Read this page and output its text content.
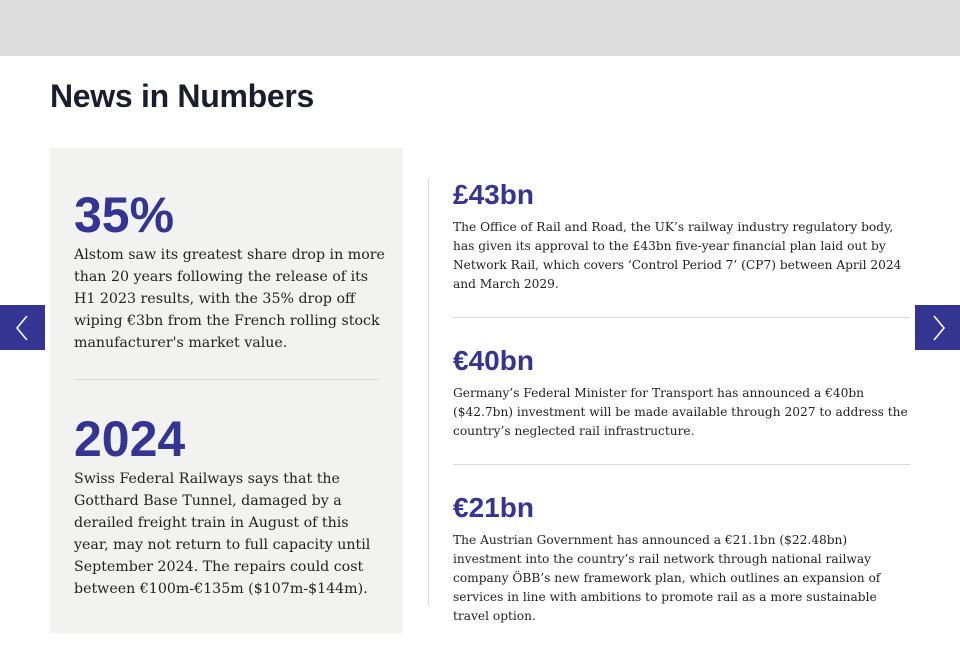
News in Numbers
35%
Alstom saw its greatest share drop in more than 20 years following the release of its H1 2023 results, with the 35% drop off wiping €3bn from the French rolling stock manufacturer's market value.
2024
Swiss Federal Railways says that the Gotthard Base Tunnel, damaged by a derailed freight train in August of this year, may not return to full capacity until September 2024. The repairs could cost between €100m-€135m ($107m-$144m).
£43bn
The Office of Rail and Road, the UK’s railway industry regulatory body, has given its approval to the £43bn five-year financial plan laid out by Network Rail, which covers ‘Control Period 7’ (CP7) between April 2024 and March 2029.
€40bn
Germany’s Federal Minister for Transport has announced a €40bn ($42.7bn) investment will be made available through 2027 to address the country’s neglected rail infrastructure.
€21bn
The Austrian Government has announced a €21.1bn ($22.48bn) investment into the country’s rail network through national railway company ÖBB’s new framework plan, which outlines an expansion of services in line with ambitions to promote rail as a more sustainable travel option.
